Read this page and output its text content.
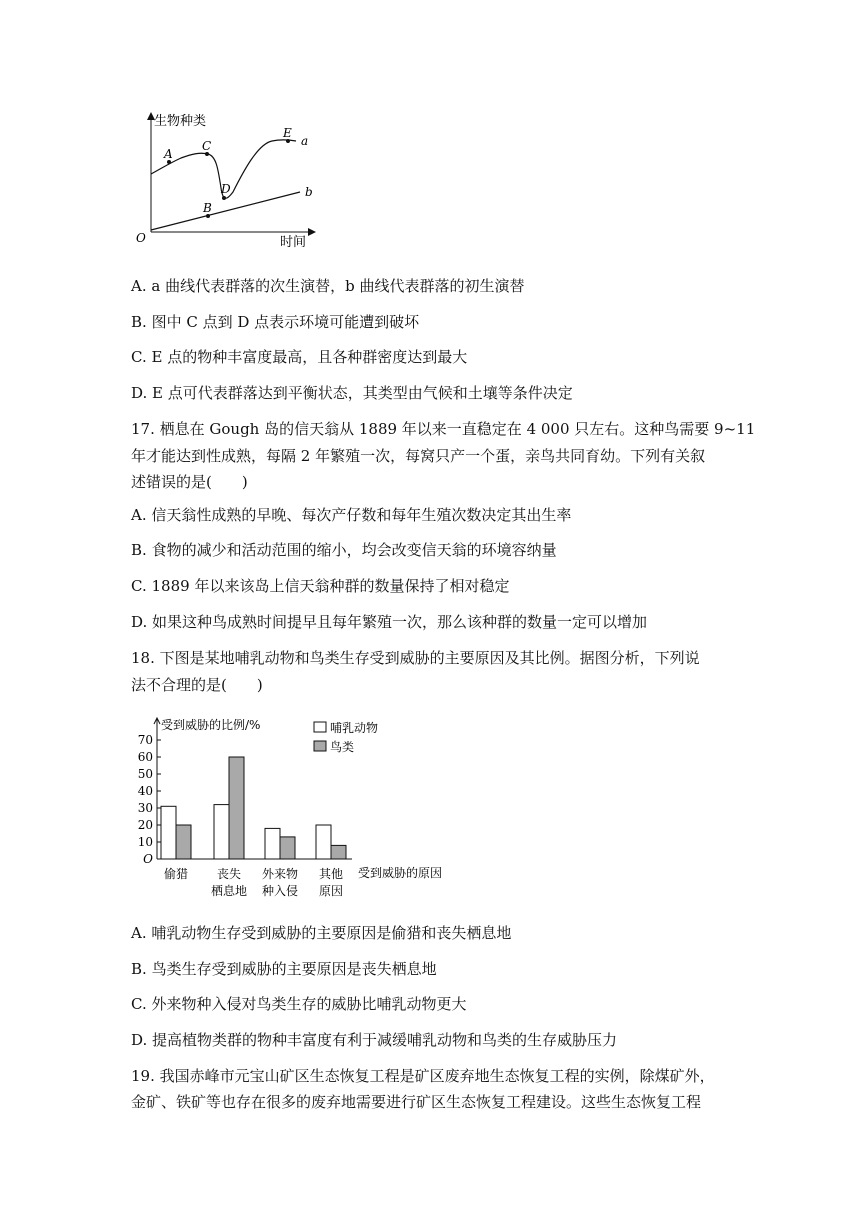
生物种类
时间
O
A
C
D
E
B
a
b
A. a 曲线代表群落的次生演替，b 曲线代表群落的初生演替
B. 图中 C 点到 D 点表示环境可能遭到破坏
C. E 点的物种丰富度最高，且各种群密度达到最大
D. E 点可代表群落达到平衡状态，其类型由气候和土壤等条件决定
17. 栖息在 Gough 岛的信天翁从 1889 年以来一直稳定在 4 000 只左右。这种鸟需要 9~11
年才能达到性成熟，每隔 2 年繁殖一次，每窝只产一个蛋，亲鸟共同育幼。下列有关叙
述错误的是(　　)
A. 信天翁性成熟的早晚、每次产仔数和每年生殖次数决定其出生率
B. 食物的减少和活动范围的缩小，均会改变信天翁的环境容纳量
C. 1889 年以来该岛上信天翁种群的数量保持了相对稳定
D. 如果这种鸟成熟时间提早且每年繁殖一次，那么该种群的数量一定可以增加
18. 下图是某地哺乳动物和鸟类生存受到威胁的主要原因及其比例。据图分析，下列说
法不合理的是(　　)
受到威胁的比例/%
受到威胁的原因
O
10
20
30
40
50
60
70
偷猎 丧失
栖息地
外来物
种入侵
其他
原因
哺乳动物
鸟类
A. 哺乳动物生存受到威胁的主要原因是偷猎和丧失栖息地
B. 鸟类生存受到威胁的主要原因是丧失栖息地
C. 外来物种入侵对鸟类生存的威胁比哺乳动物更大
D. 提高植物类群的物种丰富度有利于减缓哺乳动物和鸟类的生存威胁压力
19. 我国赤峰市元宝山矿区生态恢复工程是矿区废弃地生态恢复工程的实例，除煤矿外，
金矿、铁矿等也存在很多的废弃地需要进行矿区生态恢复工程建设。这些生态恢复工程
